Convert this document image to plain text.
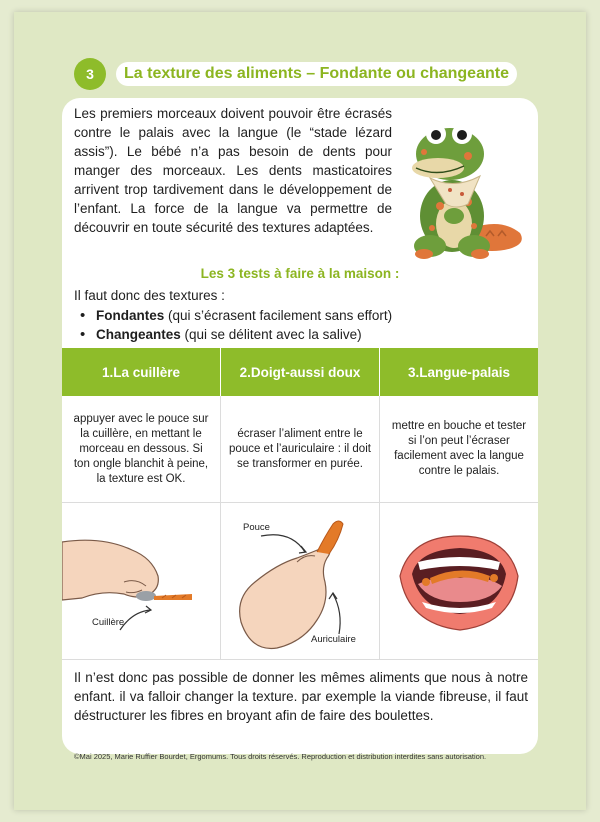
3	La texture des aliments – Fondante ou changeante

Les premiers morceaux doivent pouvoir être écrasés contre le palais avec la langue (le “stade lézard assis”). Le bébé n’a pas besoin de dents pour manger des morceaux. Les dents masticatoires arrivent trop tardivement dans le développement de l’enfant. La force de la langue va permettre de découvrir en toute sécurité des textures adaptées.

Les 3 tests à faire à la maison :

Il faut donc des textures :

• Fondantes (qui s’écrasent facilement sans effort)
• Changeantes (qui se délitent avec la salive)
1.La cuillère	2.Doigt-aussi doux	3.Langue-palais
appuyer avec le pouce sur la cuillère, en mettant le morceau en dessous. Si ton ongle blanchit à peine, la texture est OK.
écraser l’aliment entre le pouce et l’auriculaire : il doit se transformer en purée.
mettre en bouche et tester si l’on peut l’écraser facilement avec la langue contre le palais.
Cuillère
Pouce
Auriculaire

Il n’est donc pas possible de donner les mêmes aliments que nous à notre enfant. il va falloir changer la texture. par exemple la viande fibreuse, il faut déstructurer les fibres en broyant afin de faire des boulettes.

©Mai 2025, Marie Ruffier Bourdet, Ergomums. Tous droits réservés. Reproduction et distribution interdites sans autorisation.
